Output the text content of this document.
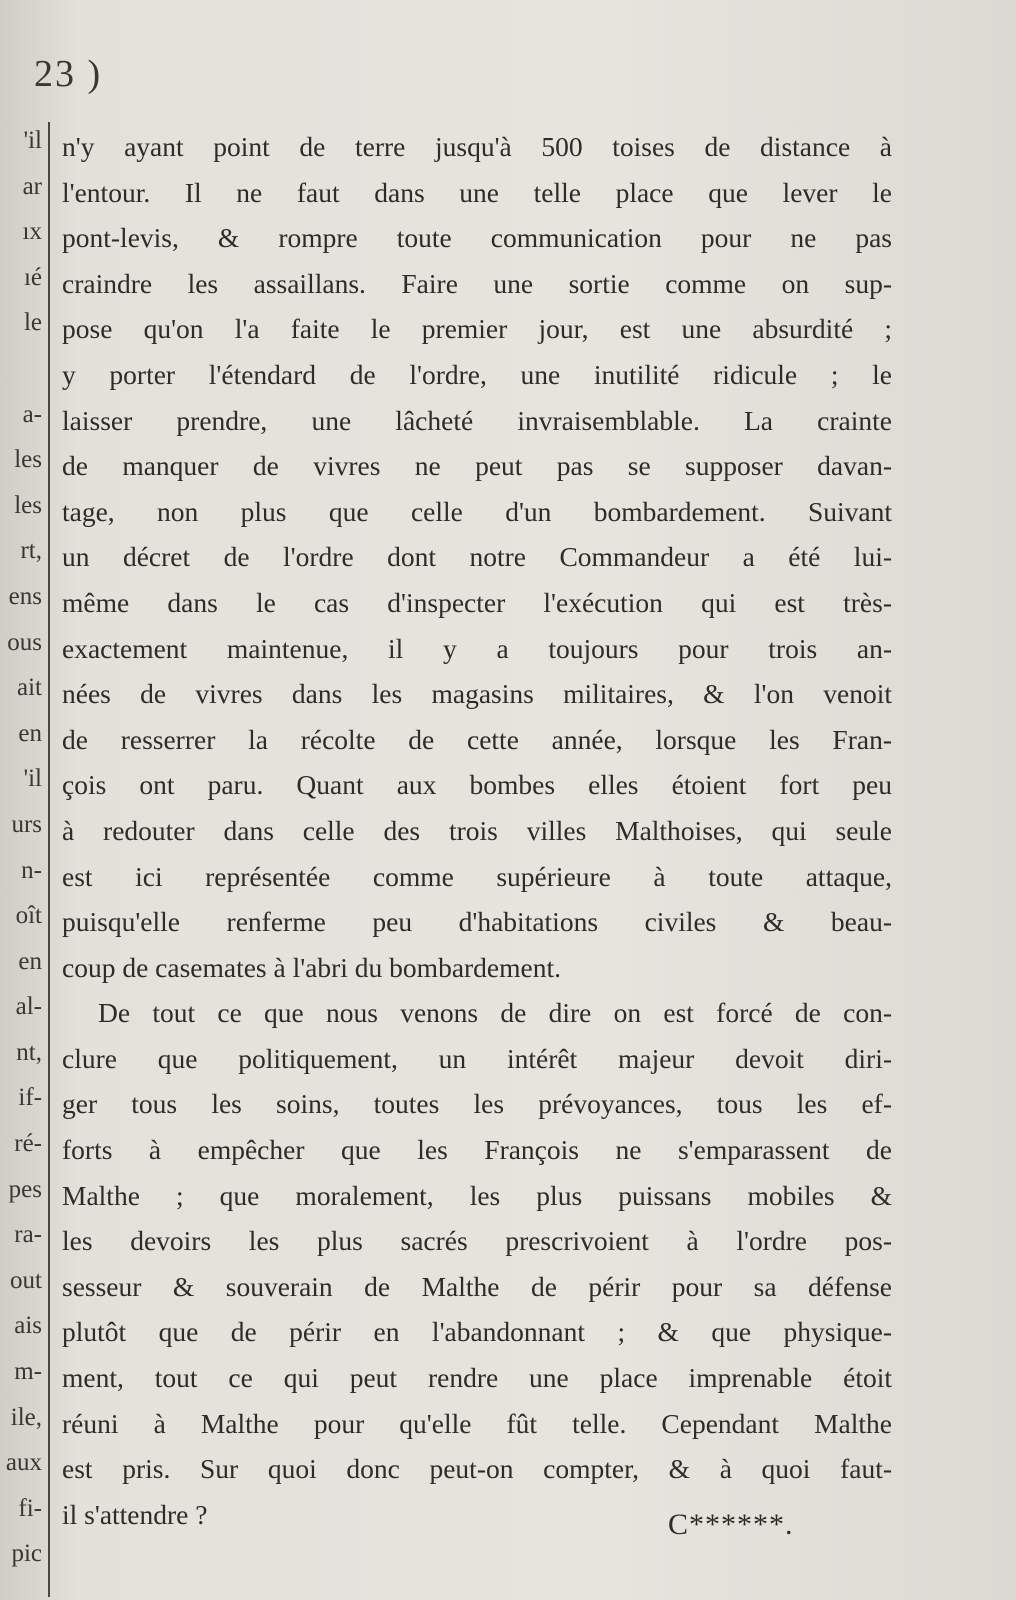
23 )
'il
ar
ıx
ıé
le
a-
les
les
rt,
ens
ous
ait
en
'il
urs
n-
oît
en
al-
nt,
if-
ré-
pes
ra-
out
ais
m-
ile,
aux
fi-
pic
n'y ayant point de terre jusqu'à 500 toises de distance à
l'entour. Il ne faut dans une telle place que lever le
pont-levis, & rompre toute communication pour ne pas
craindre les assaillans. Faire une sortie comme on sup-
pose qu'on l'a faite le premier jour, est une absurdité ;
y porter l'étendard de l'ordre, une inutilité ridicule ; le
laisser prendre, une lâcheté invraisemblable. La crainte
de manquer de vivres ne peut pas se supposer davan-
tage, non plus que celle d'un bombardement. Suivant
un décret de l'ordre dont notre Commandeur a été lui-
même dans le cas d'inspecter l'exécution qui est très-
exactement maintenue, il y a toujours pour trois an-
nées de vivres dans les magasins militaires, & l'on venoit
de resserrer la récolte de cette année, lorsque les Fran-
çois ont paru. Quant aux bombes elles étoient fort peu
à redouter dans celle des trois villes Malthoises, qui seule
est ici représentée comme supérieure à toute attaque,
puisqu'elle renferme peu d'habitations civiles & beau-
coup de casemates à l'abri du bombardement.
De tout ce que nous venons de dire on est forcé de con-
clure que politiquement, un intérêt majeur devoit diri-
ger tous les soins, toutes les prévoyances, tous les ef-
forts à empêcher que les François ne s'emparassent de
Malthe ; que moralement, les plus puissans mobiles &
les devoirs les plus sacrés prescrivoient à l'ordre pos-
sesseur & souverain de Malthe de périr pour sa défense
plutôt que de périr en l'abandonnant ; & que physique-
ment, tout ce qui peut rendre une place imprenable étoit
réuni à Malthe pour qu'elle fût telle. Cependant Malthe
est pris. Sur quoi donc peut-on compter, & à quoi faut-
il s'attendre ?	C******.
